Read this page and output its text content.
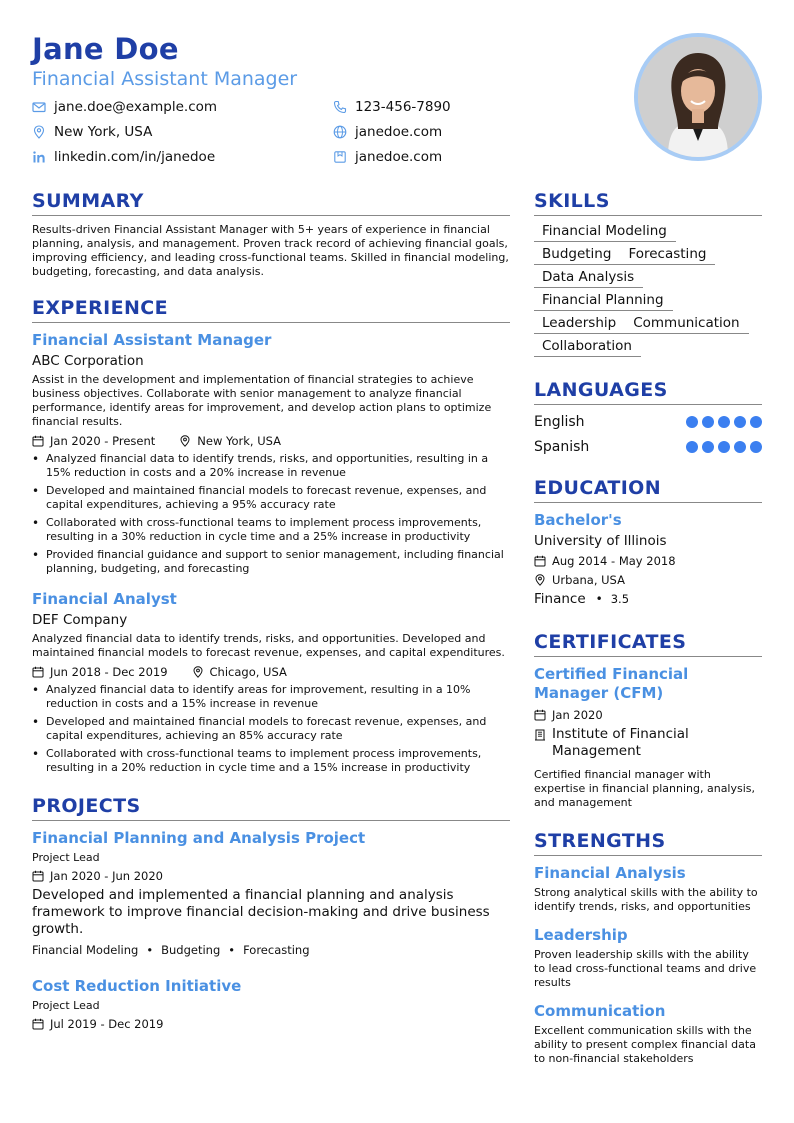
Jane Doe
Financial Assistant Manager
jane.doe@example.com	123-456-7890
New York, USA	janedoe.com
linkedin.com/in/janedoe	janedoe.com
SUMMARY
Results-driven Financial Assistant Manager with 5+ years of experience in financial planning, analysis, and management. Proven track record of achieving financial goals, improving efficiency, and leading cross-functional teams. Skilled in financial modeling, budgeting, forecasting, and data analysis.
EXPERIENCE
Financial Assistant Manager
ABC Corporation
Assist in the development and implementation of financial strategies to achieve business objectives. Collaborate with senior management to analyze financial performance, identify areas for improvement, and develop action plans to optimize financial results.
Jan 2020 - Present	New York, USA
• Analyzed financial data to identify trends, risks, and opportunities, resulting in a 15% reduction in costs and a 20% increase in revenue
• Developed and maintained financial models to forecast revenue, expenses, and capital expenditures, achieving a 95% accuracy rate
• Collaborated with cross-functional teams to implement process improvements, resulting in a 30% reduction in cycle time and a 25% increase in productivity
• Provided financial guidance and support to senior management, including financial planning, budgeting, and forecasting
Financial Analyst
DEF Company
Analyzed financial data to identify trends, risks, and opportunities. Developed and maintained financial models to forecast revenue, expenses, and capital expenditures.
Jun 2018 - Dec 2019	Chicago, USA
• Analyzed financial data to identify areas for improvement, resulting in a 10% reduction in costs and a 15% increase in revenue
• Developed and maintained financial models to forecast revenue, expenses, and capital expenditures, achieving an 85% accuracy rate
• Collaborated with cross-functional teams to implement process improvements, resulting in a 20% reduction in cycle time and a 15% increase in productivity
PROJECTS
Financial Planning and Analysis Project
Project Lead
Jan 2020 - Jun 2020
Developed and implemented a financial planning and analysis framework to improve financial decision-making and drive business growth.
Financial Modeling • Budgeting • Forecasting
Cost Reduction Initiative
Project Lead
Jul 2019 - Dec 2019
SKILLS
Financial Modeling
Budgeting	Forecasting
Data Analysis
Financial Planning
Leadership	Communication
Collaboration
LANGUAGES
English
Spanish
EDUCATION
Bachelor's
University of Illinois
Aug 2014 - May 2018
Urbana, USA
Finance • 3.5
CERTIFICATES
Certified Financial Manager (CFM)
Jan 2020
Institute of Financial Management
Certified financial manager with expertise in financial planning, analysis, and management
STRENGTHS
Financial Analysis
Strong analytical skills with the ability to identify trends, risks, and opportunities
Leadership
Proven leadership skills with the ability to lead cross-functional teams and drive results
Communication
Excellent communication skills with the ability to present complex financial data to non-financial stakeholders
